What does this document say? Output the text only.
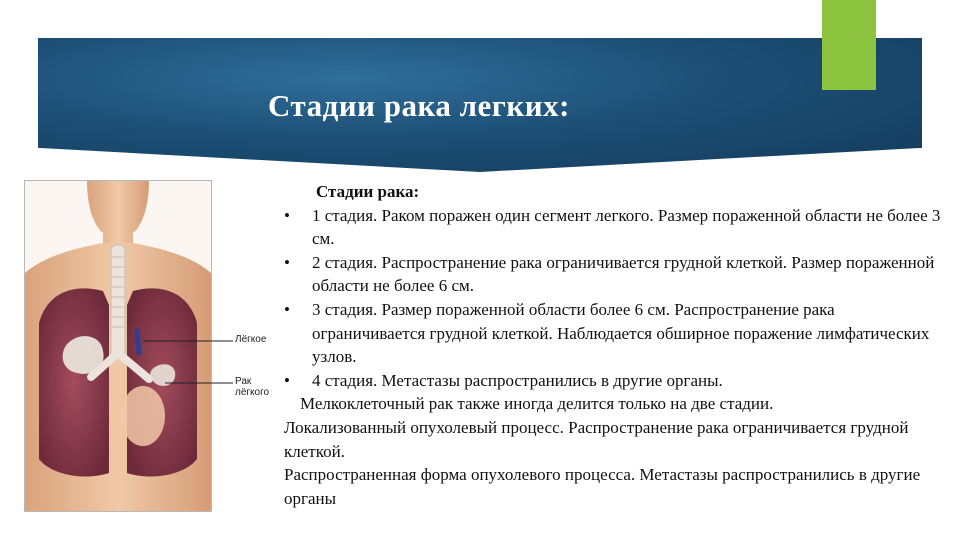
Стадии рака легких:
Лёгкое
Рак лёгкого
Стадии рака:
• 1 стадия. Раком поражен один сегмент легкого. Размер пораженной области не более 3 см.
• 2 стадия. Распространение рака ограничивается грудной клеткой. Размер пораженной области не более 6 см.
• 3 стадия. Размер пораженной области более 6 см. Распространение рака ограничивается грудной клеткой. Наблюдается обширное поражение лимфатических узлов.
• 4 стадия. Метастазы распространились в другие органы.
Мелкоклеточный рак также иногда делится только на две стадии.
Локализованный опухолевый процесс. Распространение рака ограничивается грудной клеткой.
Распространенная форма опухолевого процесса. Метастазы распространились в другие органы
